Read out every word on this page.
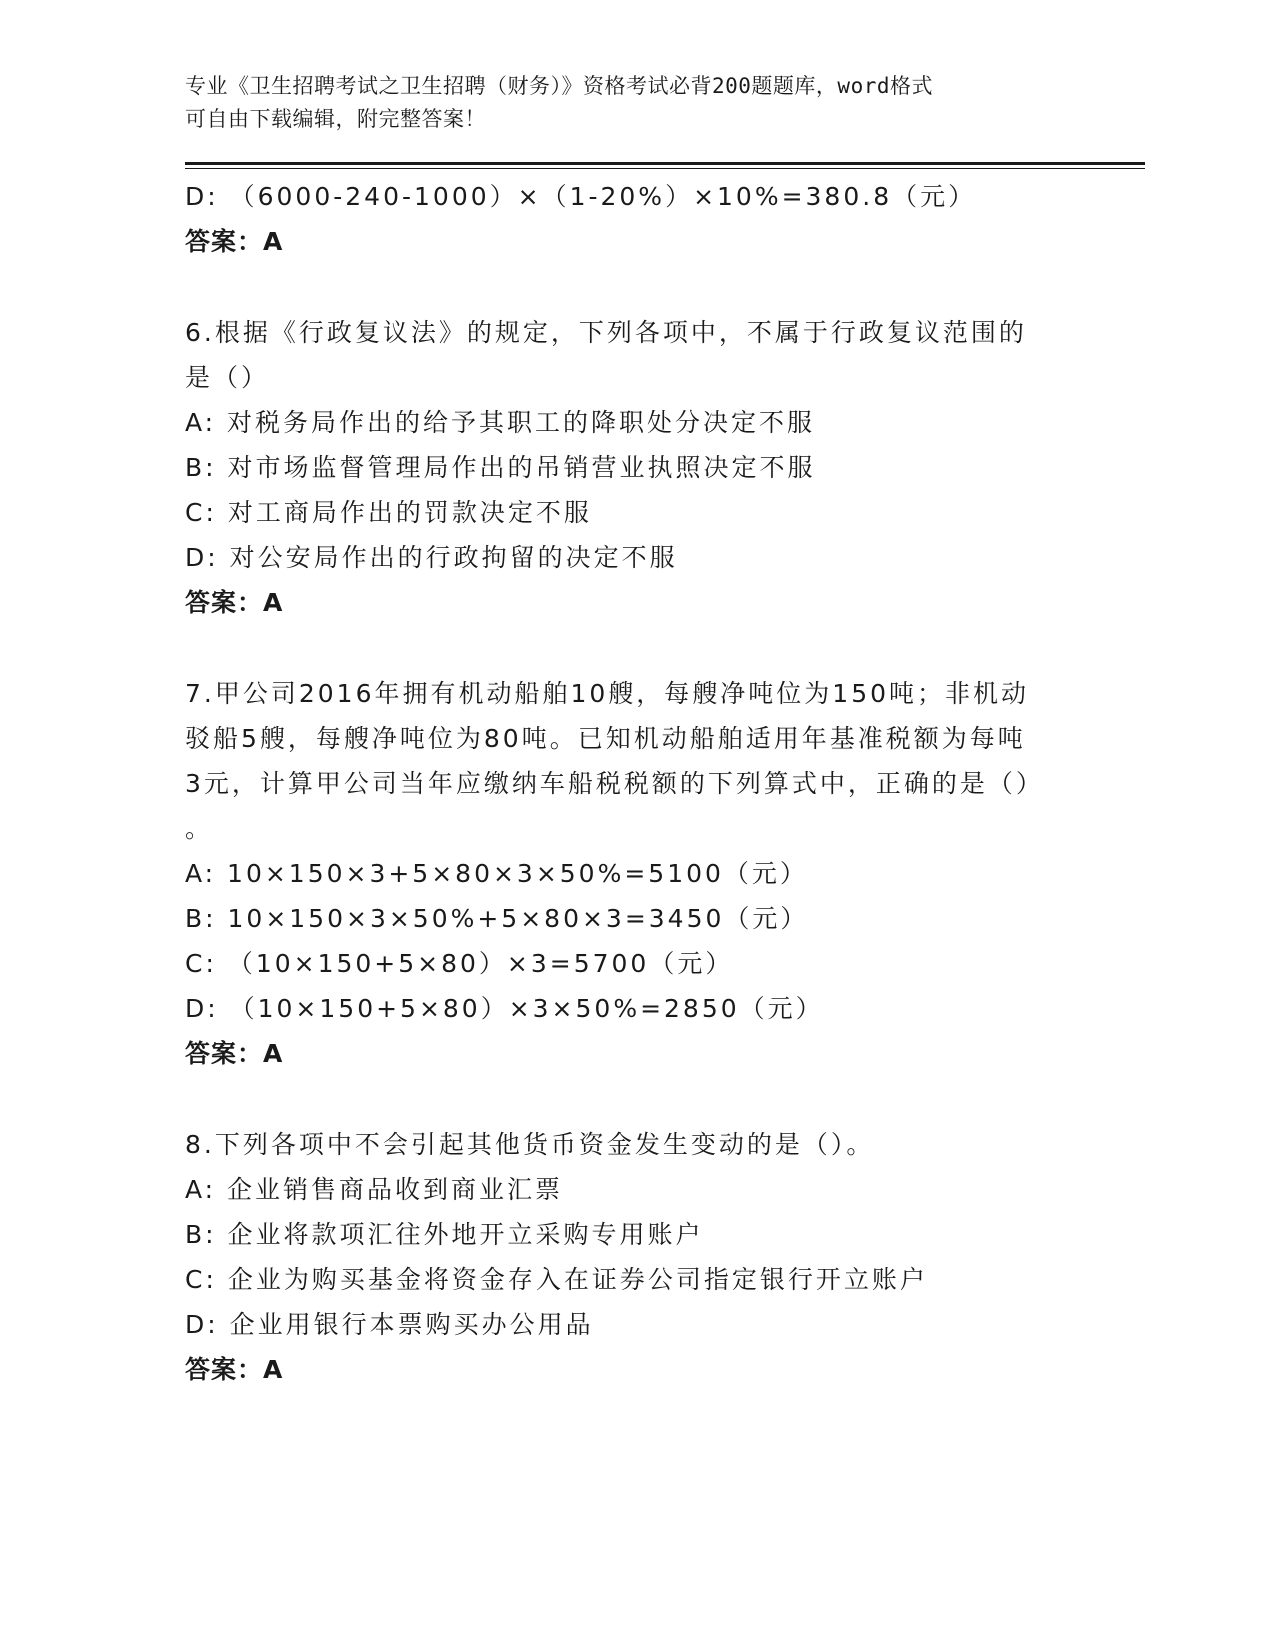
专业《卫生招聘考试之卫生招聘（财务）》资格考试必背200题题库，word格式
可自由下载编辑，附完整答案！
D: （6000-240-1000）×（1-20%）×10%=380.8（元）
答案：A
6.根据《行政复议法》的规定，下列各项中，不属于行政复议范围的
是（）
A: 对税务局作出的给予其职工的降职处分决定不服
B: 对市场监督管理局作出的吊销营业执照决定不服
C: 对工商局作出的罚款决定不服
D: 对公安局作出的行政拘留的决定不服
答案：A
7.甲公司2016年拥有机动船舶10艘，每艘净吨位为150吨；非机动
驳船5艘，每艘净吨位为80吨。已知机动船舶适用年基准税额为每吨
3元，计算甲公司当年应缴纳车船税税额的下列算式中，正确的是（）
。
A: 10×150×3+5×80×3×50%=5100（元）
B: 10×150×3×50%+5×80×3=3450（元）
C: （10×150+5×80）×3=5700（元）
D: （10×150+5×80）×3×50%=2850（元）
答案：A
8.下列各项中不会引起其他货币资金发生变动的是（）。
A: 企业销售商品收到商业汇票
B: 企业将款项汇往外地开立采购专用账户
C: 企业为购买基金将资金存入在证券公司指定银行开立账户
D: 企业用银行本票购买办公用品
答案：A
